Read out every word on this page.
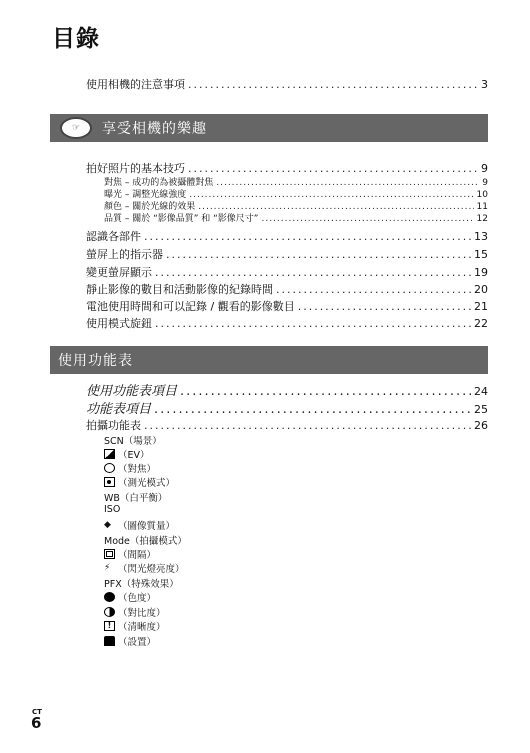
目錄
使用相機的注意事項 .....	3
☞	享受相機的樂趣
拍好照片的基本技巧 .....	9
對焦 – 成功的為被攝體對焦 .....	9
曝光 – 調整光線強度 .....	10
顏色 – 關於光線的效果 .....	11
品質 – 關於 “影像品質” 和 “影像尺寸” .....	12
認識各部件 .....	13
螢屏上的指示器 .....	15
變更螢屏顯示 .....	19
靜止影像的數目和活動影像的紀錄時間 .....	20
電池使用時間和可以記錄 / 觀看的影像數目 .....	21
使用模式旋鈕 .....	22
使用功能表
使用功能表項目 .....	24
功能表項目 .....	25
拍攝功能表 .....	26
SCN（場景）
（EV）
（對焦）
（測光模式）
WB（白平衡）
ISO
◆ （圖像質量）
Mode（拍攝模式）
（間隔）
⚡ （閃光燈亮度）
PFX（特殊效果）
（色度）
（對比度）
! （清晰度）
（設置）
CT
6
